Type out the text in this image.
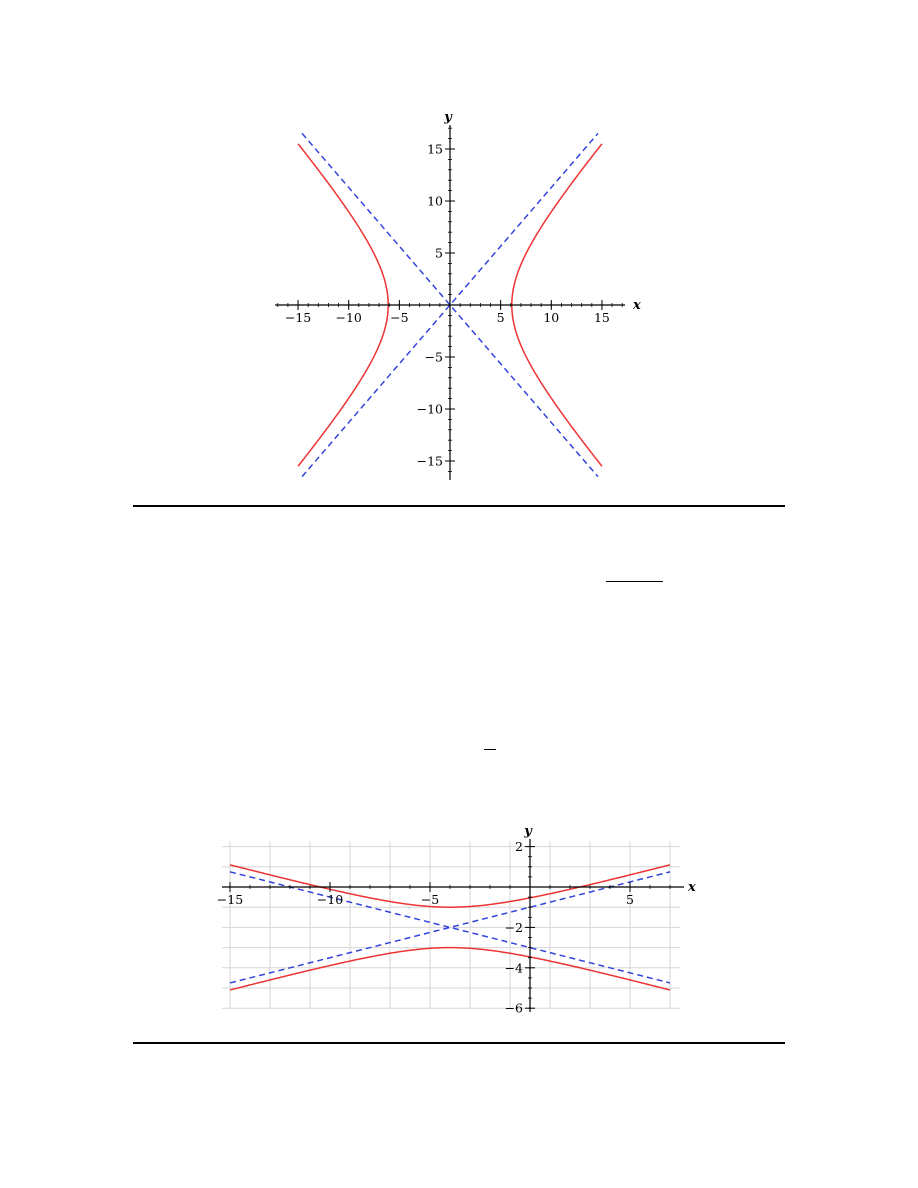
−15 −10 −5	5	10	15
−15
−10
−5
5
10
15
x
y
−15	−10	−5	5
−6
−4
−2
2
x
y
